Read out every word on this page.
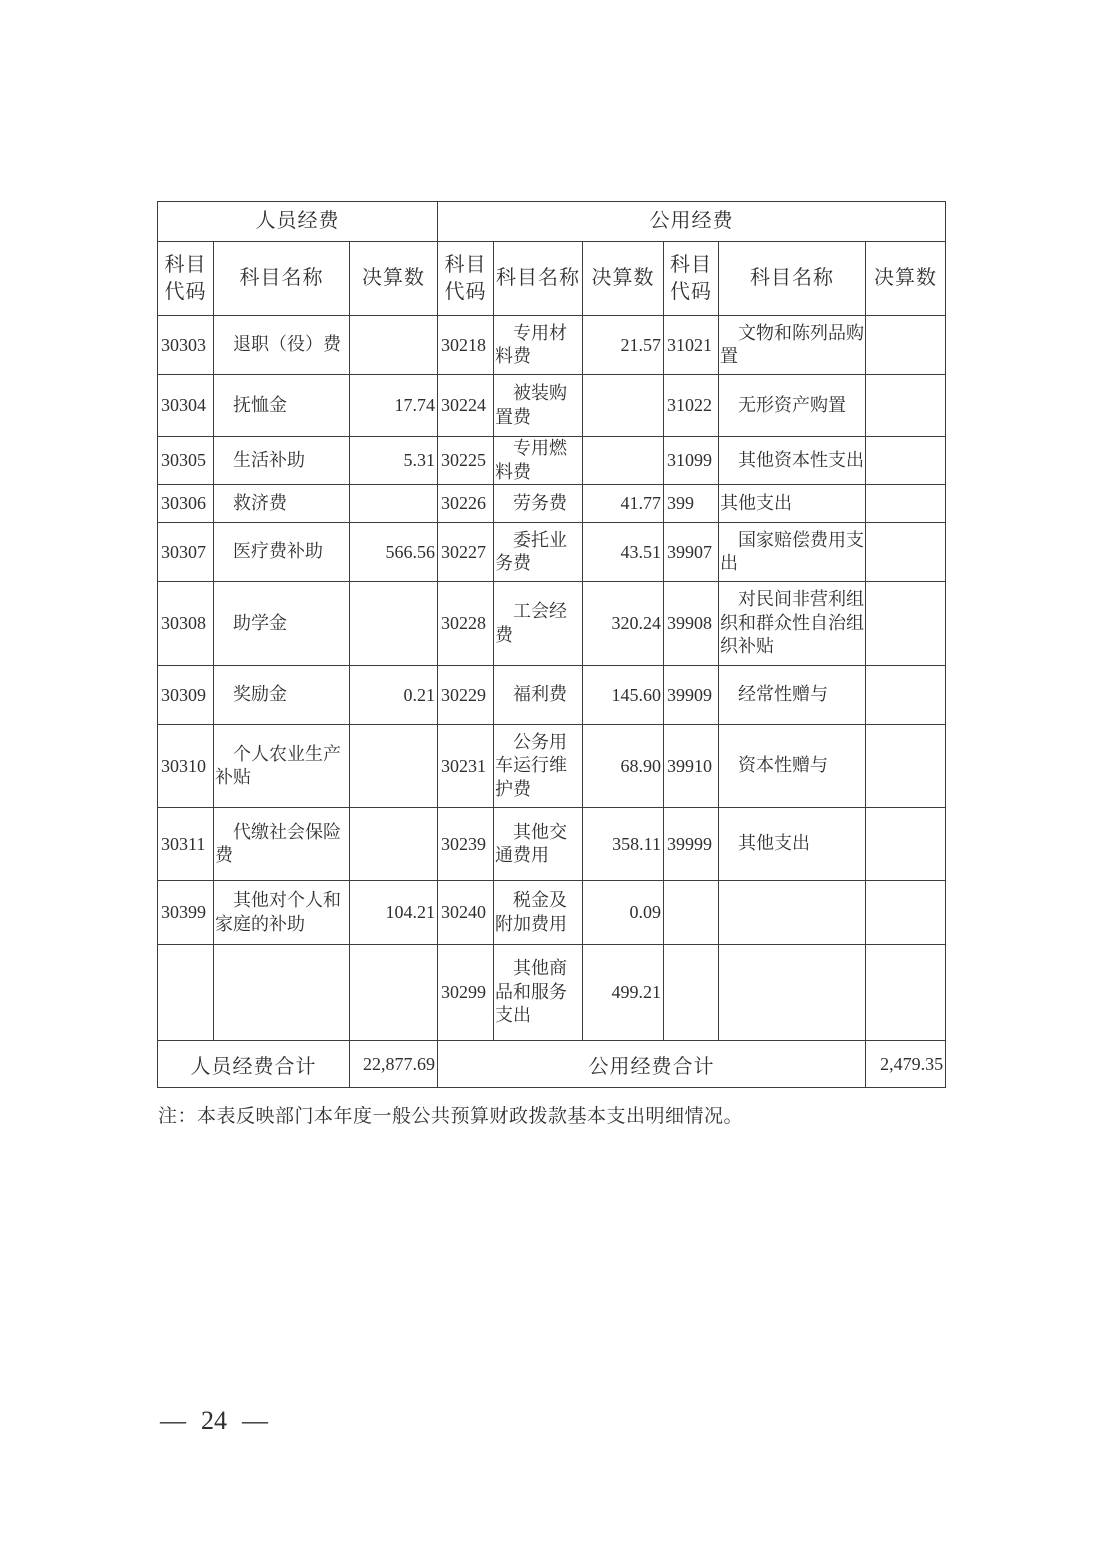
人员经费			公用经费					
科目代码	科目名称	决算数	科目代码	科目名称	决算数	科目代码	科目名称	决算数
30303	退职（役）费		30218	专用材料费	21.57	31021	文物和陈列品购置	
30304	抚恤金	17.74	30224	被装购置费		31022	无形资产购置	
30305	生活补助	5.31	30225	专用燃料费		31099	其他资本性支出	
30306	救济费		30226	劳务费	41.77	399	其他支出	
30307	医疗费补助	566.56	30227	委托业务费	43.51	39907	国家赔偿费用支出	
30308	助学金		30228	工会经费	320.24	39908	对民间非营利组织和群众性自治组织补贴	
30309	奖励金	0.21	30229	福利费	145.60	39909	经常性赠与	
30310	个人农业生产补贴		30231	公务用车运行维护费	68.90	39910	资本性赠与	
30311	代缴社会保险费		30239	其他交通费用	358.11	39999	其他支出	
30399	其他对个人和家庭的补助	104.21	30240	税金及附加费用	0.09			
			30299	其他商品和服务支出	499.21			
人员经费合计		22,877.69	公用经费合计					2,479.35
注：本表反映部门本年度一般公共预算财政拨款基本支出明细情况。
— 24 —
